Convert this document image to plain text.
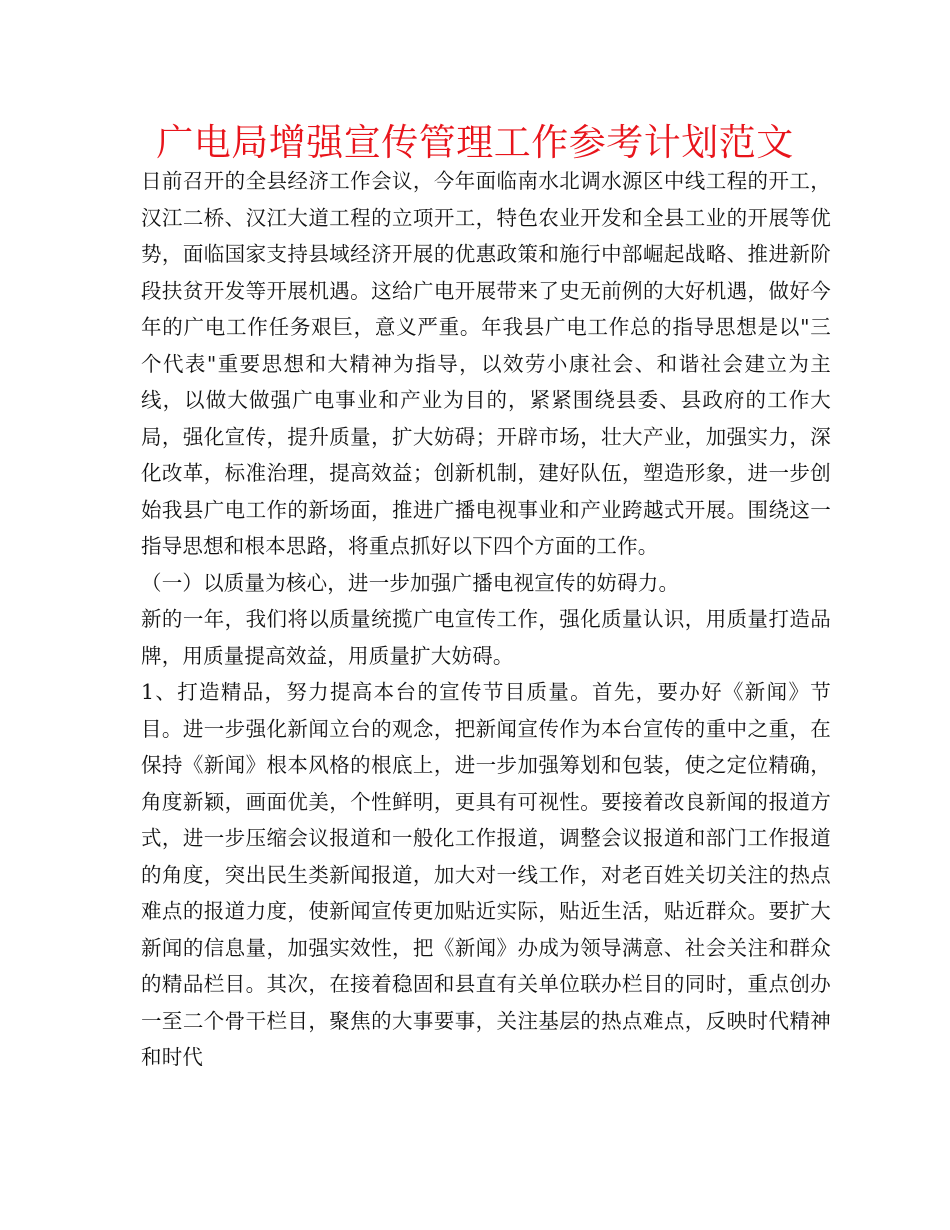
广电局增强宣传管理工作参考计划范文

日前召开的全县经济工作会议，今年面临南水北调水源区中线工程的开工，汉江二桥、汉江大道工程的立项开工，特色农业开发和全县工业的开展等优势，面临国家支持县域经济开展的优惠政策和施行中部崛起战略、推进新阶段扶贫开发等开展机遇。这给广电开展带来了史无前例的大好机遇，做好今年的广电工作任务艰巨，意义严重。年我县广电工作总的指导思想是以"三个代表"重要思想和大精神为指导，以效劳小康社会、和谐社会建立为主线，以做大做强广电事业和产业为目的，紧紧围绕县委、县政府的工作大局，强化宣传，提升质量，扩大妨碍；开辟市场，壮大产业，加强实力，深化改革，标准治理，提高效益；创新机制，建好队伍，塑造形象，进一步创始我县广电工作的新场面，推进广播电视事业和产业跨越式开展。围绕这一指导思想和根本思路，将重点抓好以下四个方面的工作。

（一）以质量为核心，进一步加强广播电视宣传的妨碍力。

新的一年，我们将以质量统揽广电宣传工作，强化质量认识，用质量打造品牌，用质量提高效益，用质量扩大妨碍。

1、打造精品，努力提高本台的宣传节目质量。首先，要办好《新闻》节目。进一步强化新闻立台的观念，把新闻宣传作为本台宣传的重中之重，在保持《新闻》根本风格的根底上，进一步加强筹划和包装，使之定位精确，角度新颖，画面优美，个性鲜明，更具有可视性。要接着改良新闻的报道方式，进一步压缩会议报道和一般化工作报道，调整会议报道和部门工作报道的角度，突出民生类新闻报道，加大对一线工作，对老百姓关切关注的热点难点的报道力度，使新闻宣传更加贴近实际，贴近生活，贴近群众。要扩大新闻的信息量，加强实效性，把《新闻》办成为领导满意、社会关注和群众的精品栏目。其次，在接着稳固和县直有关单位联办栏目的同时，重点创办一至二个骨干栏目，聚焦的大事要事，关注基层的热点难点，反映时代精神和时代
